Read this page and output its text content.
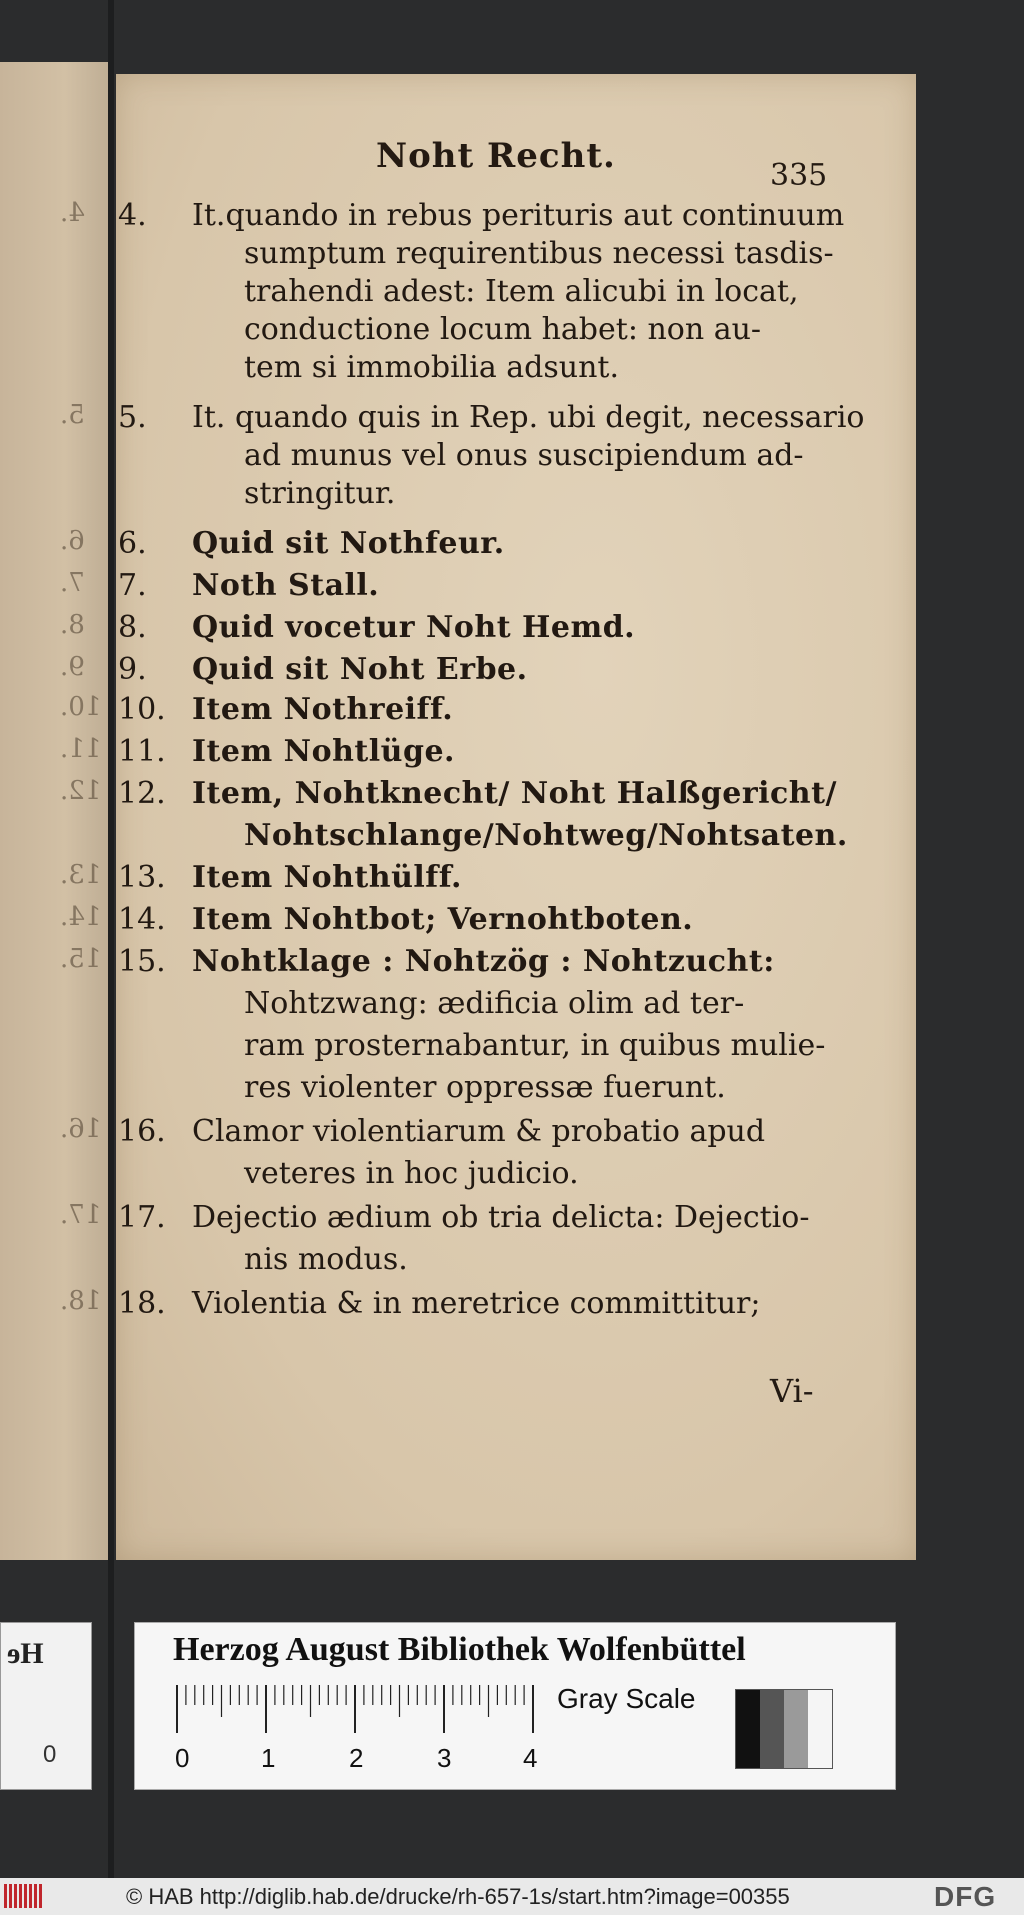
4.
5.
6.
7.
8.
9.
10.
11.
12.
13.
14.
15.
16.
17.
18.
Noht Recht.	335
4.	It.quando in rebus perituris aut continuum
sumptum requirentibus necessi tasdis-
trahendi adest: Item alicubi in locat,
conductione locum habet: non au-
tem si immobilia adsunt.
5.	It. quando quis in Rep. ubi degit, necessario
ad munus vel onus suscipiendum ad-
stringitur.
6.	Quid sit Nothfeur.
7.	Noth Stall.
8.	Quid vocetur Noht Hemd.
9.	Quid sit Noht Erbe.
10. Item Nothreiff.
11. Item Nohtlüge.
12. Item, Nohtknecht/ Noht Halßgericht/
Nohtschlange/Nohtweg/Nohtsaten.
13. Item Nohthülff.
14. Item Nohtbot; Vernohtboten.
15. Nohtklage : Nohtzög : Nohtzucht:
Nohtzwang: ædificia olim ad ter-
ram prosternabantur, in quibus mulie-
res violenter oppressæ fuerunt.
16. Clamor violentiarum & probatio apud
veteres in hoc judicio.
17. Dejectio ædium ob tria delicta: Dejectio-
nis modus.
18. Violentia & in meretrice committitur;
Vi-
He
0
Herzog August Bibliothek Wolfenbüttel
0	1	2	3	4
Gray Scale
© HAB http://diglib.hab.de/drucke/rh-657-1s/start.htm?image=00355	DFG
